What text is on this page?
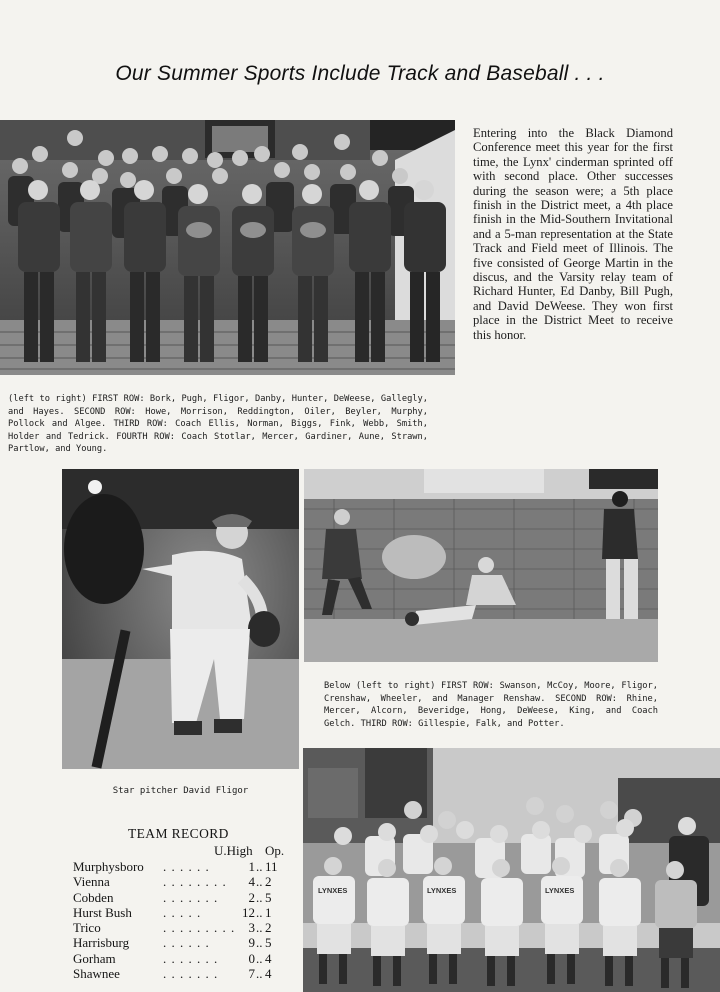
Our Summer Sports Include Track and Baseball . . .
Entering into the Black Diamond Conference meet this year for the first time, the Lynx' cinderman sprinted off with second place. Other successes during the season were; a 5th place finish in the District meet, a 4th place finish in the Mid-Southern Invitational and a 5-man representation at the State Track and Field meet of Illinois. The five consisted of George Martin in the discus, and the Varsity relay team of Richard Hunter, Ed Danby, Bill Pugh, and David DeWeese. They won first place in the District Meet to receive this honor.
(left to right) FIRST ROW: Bork, Pugh, Fligor, Danby, Hunter, DeWeese, Gallegly, and Hayes. SECOND ROW: Howe, Morrison, Reddington, Oiler, Beyler, Murphy, Pollock and Algee. THIRD ROW: Coach Ellis, Norman, Biggs, Fink, Webb, Smith, Holder and Tedrick. FOURTH ROW: Coach Stotlar, Mercer, Gardiner, Aune, Strawn, Partlow, and Young.
Below (left to right) FIRST ROW: Swanson, McCoy, Moore, Fligor, Crenshaw, Wheeler, and Manager Renshaw. SECOND ROW: Rhine, Mercer, Alcorn, Beveridge, Hong, DeWeese, King, and Coach Gelch. THIRD ROW: Gillespie, Falk, and Potter.
Star pitcher David Fligor
LYNXES	LYNXES	LYNXES
TEAM RECORD
U.High Op.
Murphysboro . . . . . .	1 .. 11
Vienna	. . . . . . . .	4 .. 2
Cobden	. . . . . . .	2 .. 5
Hurst Bush . . . . .	12 .. 1
Trico	. . . . . . . . .	3 .. 2
Harrisburg	. . . . . .	9 .. 5
Gorham	. . . . . . .	0 .. 4
Shawnee	. . . . . . .	7 .. 4
